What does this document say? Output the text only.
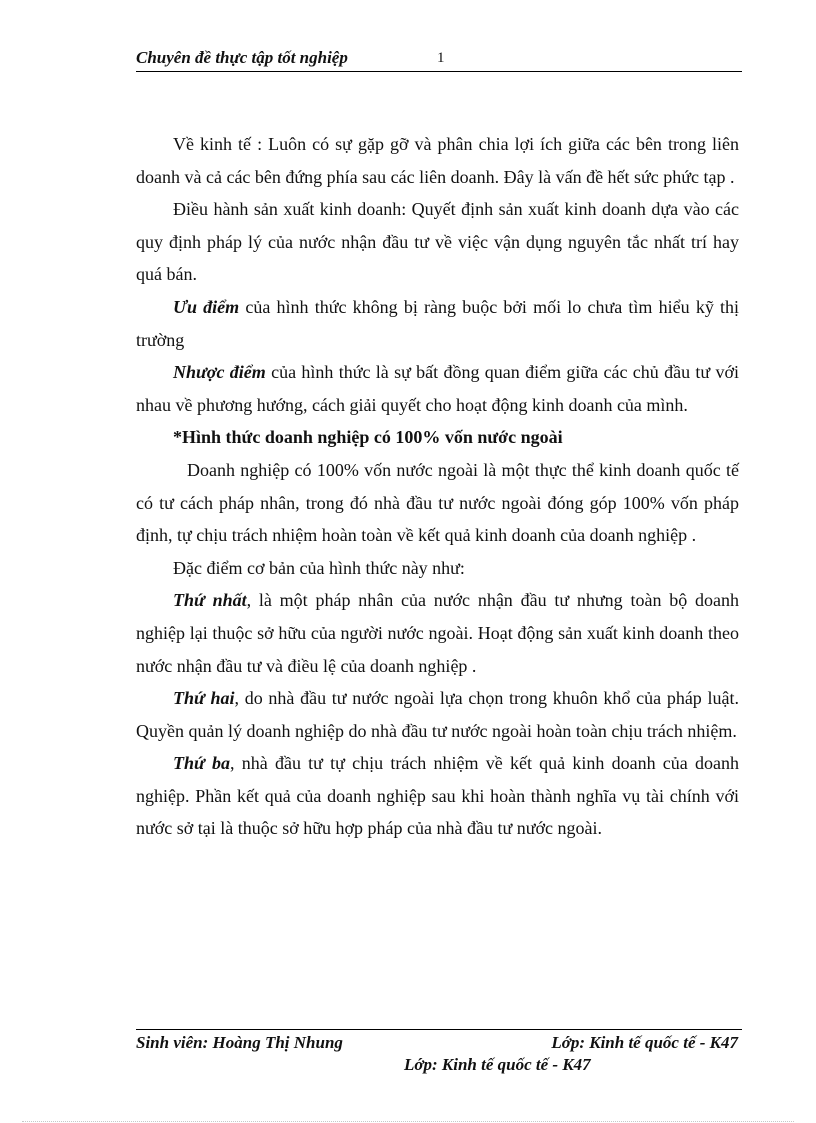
Chuyên đề thực tập tốt nghiệp	1

Về kinh tế : Luôn có sự gặp gỡ và phân chia lợi ích giữa các bên trong liên doanh và cả các bên đứng phía sau các liên doanh. Đây là vấn đề hết sức phức tạp .

Điều hành sản xuất kinh doanh: Quyết định sản xuất kinh doanh dựa vào các quy định pháp lý của nước nhận đầu tư về việc vận dụng nguyên tắc nhất trí hay quá bán.

Ưu điểm của hình thức không bị ràng buộc bởi mối lo chưa tìm hiểu kỹ thị trường

Nhược điểm của hình thức là sự bất đồng quan điểm giữa các chủ đầu tư với nhau về phương hướng, cách giải quyết cho hoạt động kinh doanh của mình.

*Hình thức doanh nghiệp có 100% vốn nước ngoài

Doanh nghiệp có 100% vốn nước ngoài là một thực thể kinh doanh quốc tế có tư cách pháp nhân, trong đó nhà đầu tư nước ngoài đóng góp 100% vốn pháp định, tự chịu trách nhiệm hoàn toàn về kết quả kinh doanh của doanh nghiệp .

Đặc điểm cơ bản của hình thức này như:

Thứ nhất, là một pháp nhân của nước nhận đầu tư nhưng toàn bộ doanh nghiệp lại thuộc sở hữu của người nước ngoài. Hoạt động sản xuất kinh doanh theo nước nhận đầu tư và điều lệ của doanh nghiệp .

Thứ hai, do nhà đầu tư nước ngoài lựa chọn trong khuôn khổ của pháp luật. Quyền quản lý doanh nghiệp do nhà đầu tư nước ngoài hoàn toàn chịu trách nhiệm.

Thứ ba, nhà đầu tư tự chịu trách nhiệm về kết quả kinh doanh của doanh nghiệp. Phần kết quả của doanh nghiệp sau khi hoàn thành nghĩa vụ tài chính với nước sở tại là thuộc sở hữu hợp pháp của nhà đầu tư nước ngoài.

Sinh viên: Hoàng Thị Nhung	Lớp: Kinh tế quốc tế - K47
Lớp: Kinh tế quốc tế - K47
